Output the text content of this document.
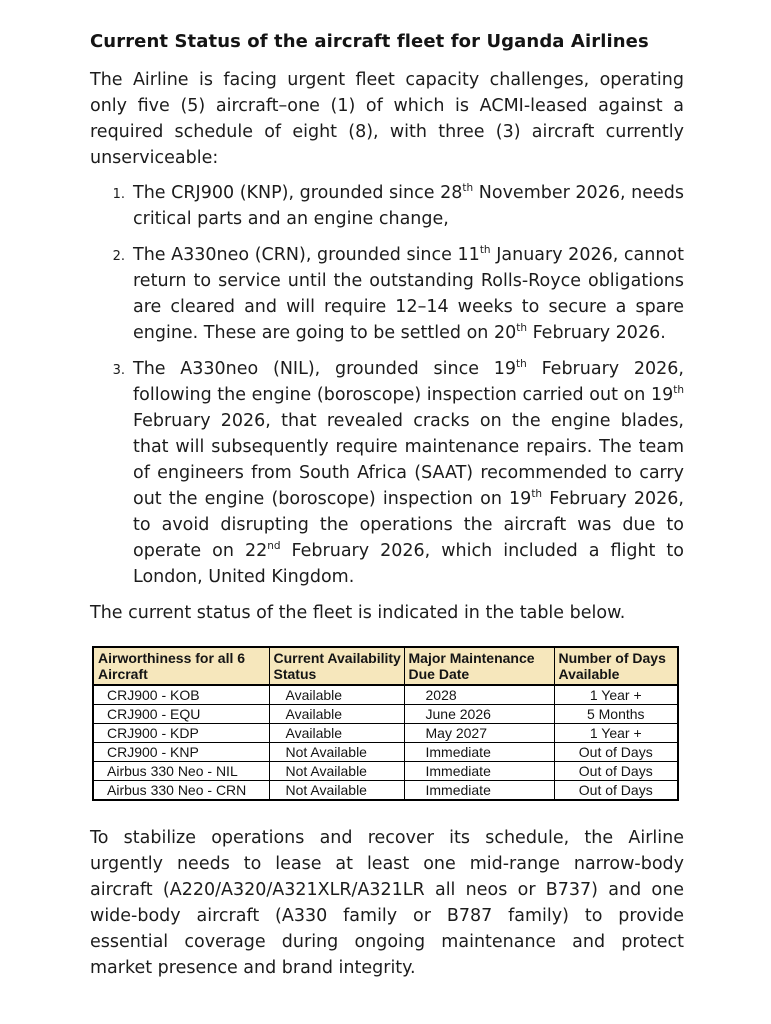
Current Status of the aircraft fleet for Uganda Airlines

The Airline is facing urgent fleet capacity challenges, operating only five (5) aircraft–one (1) of which is ACMI-leased against a required schedule of eight (8), with three (3) aircraft currently unserviceable:

1. The CRJ900 (KNP), grounded since 28th November 2026, needs critical parts and an engine change,
2. The A330neo (CRN), grounded since 11th January 2026, cannot return to service until the outstanding Rolls-Royce obligations are cleared and will require 12–14 weeks to secure a spare engine. These are going to be settled on 20th February 2026.
3. The A330neo (NIL), grounded since 19th February 2026, following the engine (boroscope) inspection carried out on 19th February 2026, that revealed cracks on the engine blades, that will subsequently require maintenance repairs. The team of engineers from South Africa (SAAT) recommended to carry out the engine (boroscope) inspection on 19th February 2026, to avoid disrupting the operations the aircraft was due to operate on 22nd February 2026, which included a flight to London, United Kingdom.

The current status of the fleet is indicated in the table below.

Airworthiness for all 6 Aircraft	Current Availability Status	Major Maintenance Due Date	Number of Days Available
CRJ900 - KOB	Available	2028	1 Year +
CRJ900 - EQU	Available	June 2026	5 Months
CRJ900 - KDP	Available	May 2027	1 Year +
CRJ900 - KNP	Not Available	Immediate	Out of Days
Airbus 330 Neo - NIL	Not Available	Immediate	Out of Days
Airbus 330 Neo - CRN	Not Available	Immediate	Out of Days

To stabilize operations and recover its schedule, the Airline urgently needs to lease at least one mid-range narrow-body aircraft (A220/A320/A321XLR/A321LR all neos or B737) and one wide-body aircraft (A330 family or B787 family) to provide essential coverage during ongoing maintenance and protect market presence and brand integrity.
